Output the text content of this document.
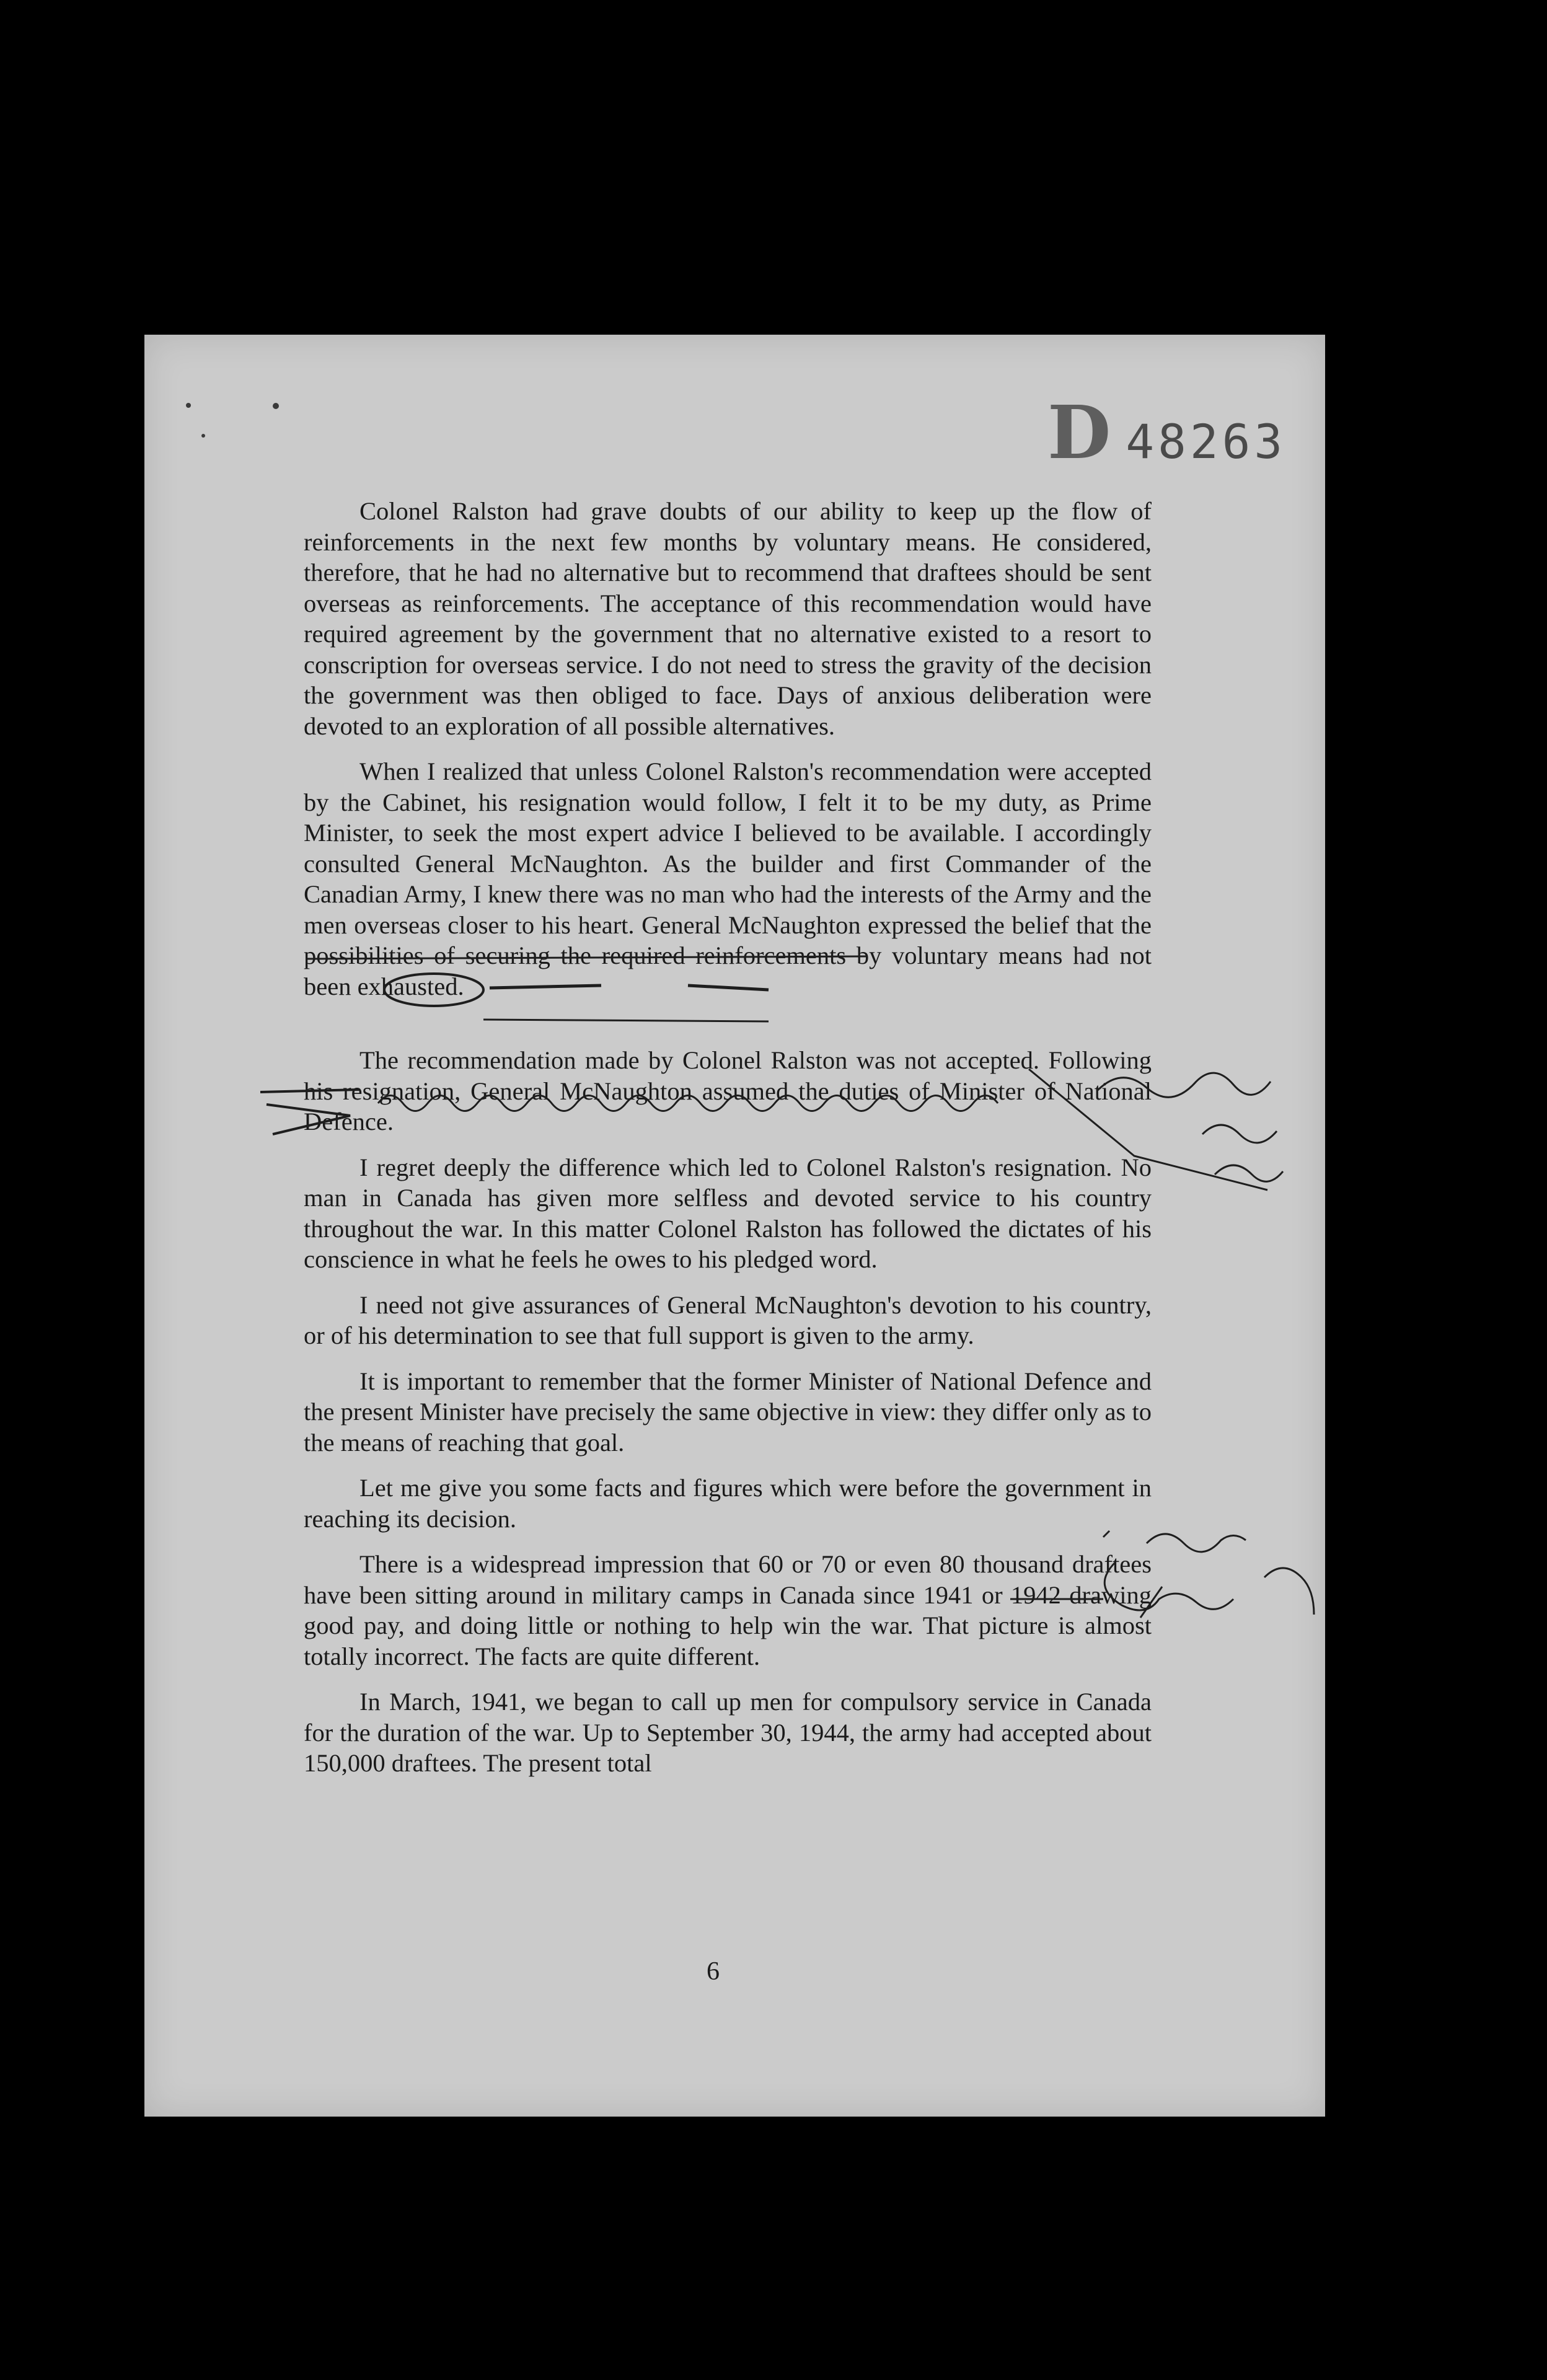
D 48263

Colonel Ralston had grave doubts of our ability to keep up the flow of reinforcements in the next few months by voluntary means. He considered, therefore, that he had no alternative but to recommend that draftees should be sent overseas as reinforcements. The acceptance of this recommendation would have required agreement by the government that no alternative existed to a resort to conscription for overseas service. I do not need to stress the gravity of the decision the government was then obliged to face. Days of anxious deliberation were devoted to an exploration of all possible alternatives.

When I realized that unless Colonel Ralston's recommendation were accepted by the Cabinet, his resignation would follow, I felt it to be my duty, as Prime Minister, to seek the most expert advice I believed to be available. I accordingly consulted General McNaughton. As the builder and first Commander of the Canadian Army, I knew there was no man who had the interests of the Army and the men overseas closer to his heart. General McNaughton expressed the belief that the possibilities of securing the required reinforcements by voluntary means had not been exhausted.

The recommendation made by Colonel Ralston was not accepted. Following his resignation, General McNaughton assumed the duties of Minister of National Defence.

I regret deeply the difference which led to Colonel Ralston's resignation. No man in Canada has given more selfless and devoted service to his country throughout the war. In this matter Colonel Ralston has followed the dictates of his conscience in what he feels he owes to his pledged word.

I need not give assurances of General McNaughton's devotion to his country, or of his determination to see that full support is given to the army.

It is important to remember that the former Minister of National Defence and the present Minister have precisely the same objective in view: they differ only as to the means of reaching that goal.

Let me give you some facts and figures which were before the government in reaching its decision.

There is a widespread impression that 60 or 70 or even 80 thousand draftees have been sitting around in military camps in Canada since 1941 or 1942 drawing good pay, and doing little or nothing to help win the war. That picture is almost totally incorrect. The facts are quite different.

In March, 1941, we began to call up men for compulsory service in Canada for the duration of the war. Up to September 30, 1944, the army had accepted about 150,000 draftees. The present total

6
